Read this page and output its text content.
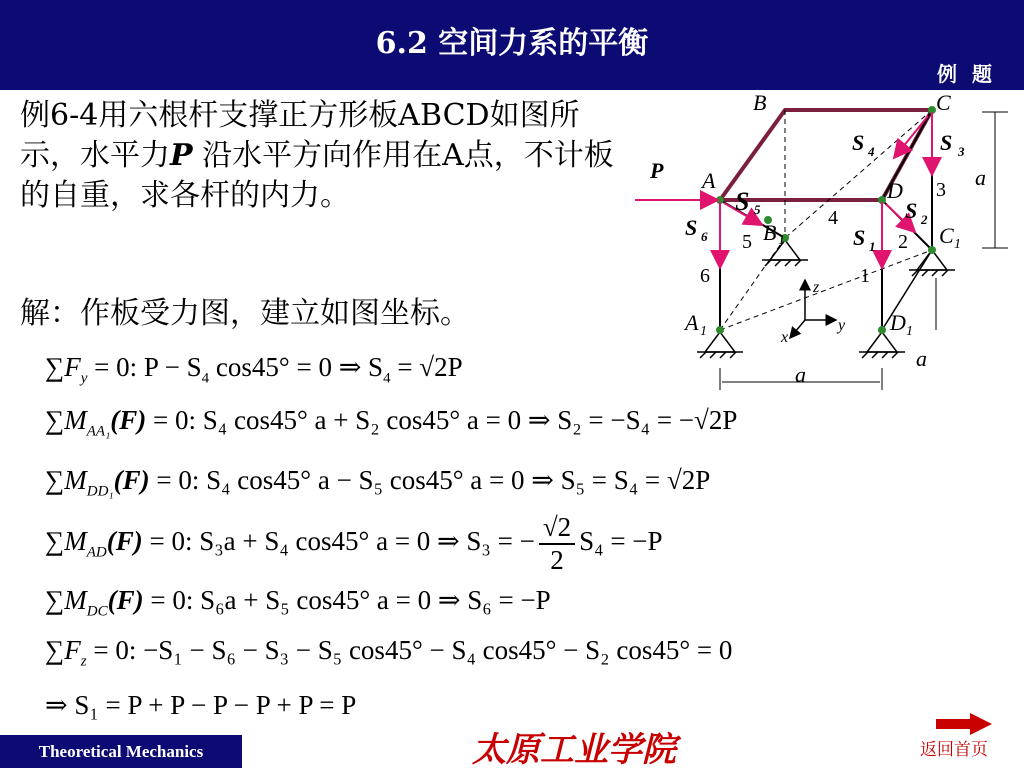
6.2 空间力系的平衡
例 题
例6-4用六根杆支撑正方形板ABCD如图所示，水平力P 沿水平方向作用在A点，不计板的自重，求各杆的内力。
解：作板受力图，建立如图坐标。
$\sum F_y = 0$: $P - S_4$ cos45° = 0 ⇒ $S_4 = √2P$
$\sum M_{AA_1}(F) = 0$: S₄ cos45° a + S₂ cos45° a = 0 ⇒ S₂ = −S₄ = −√2P
$\sum M_{DD_1}(F) = 0$: S₄ cos45° a − S₅ cos45° a = 0 ⇒ S₅ = S₄ = √2P
$\sum M_{AD}(F) = 0$: S₃a + S₄ cos45° a = 0 ⇒ S₃ = − $\frac{√2}{2} S_4 = -P$
$\sum M_{DC}(F) = 0$: S₆a + S₅ cos45° a = 0 ⇒ S₆ = −P
$\sum F_z = 0$: −S₁ − S₆ − S₃ − S₅ cos45° − S₄ cos45° − S₂ cos45° = 0
⇒ S₁ = P + P − P − P + P = P
B	C
A	D
B	C
A	D
a
a
a
z
x
y
1	1
1	1
P
S	S
S	S
S	S
4	3
5
2
6
1
3
4
5	2
6	1
Theoretical Mechanics	太原工业学院	返回首页
